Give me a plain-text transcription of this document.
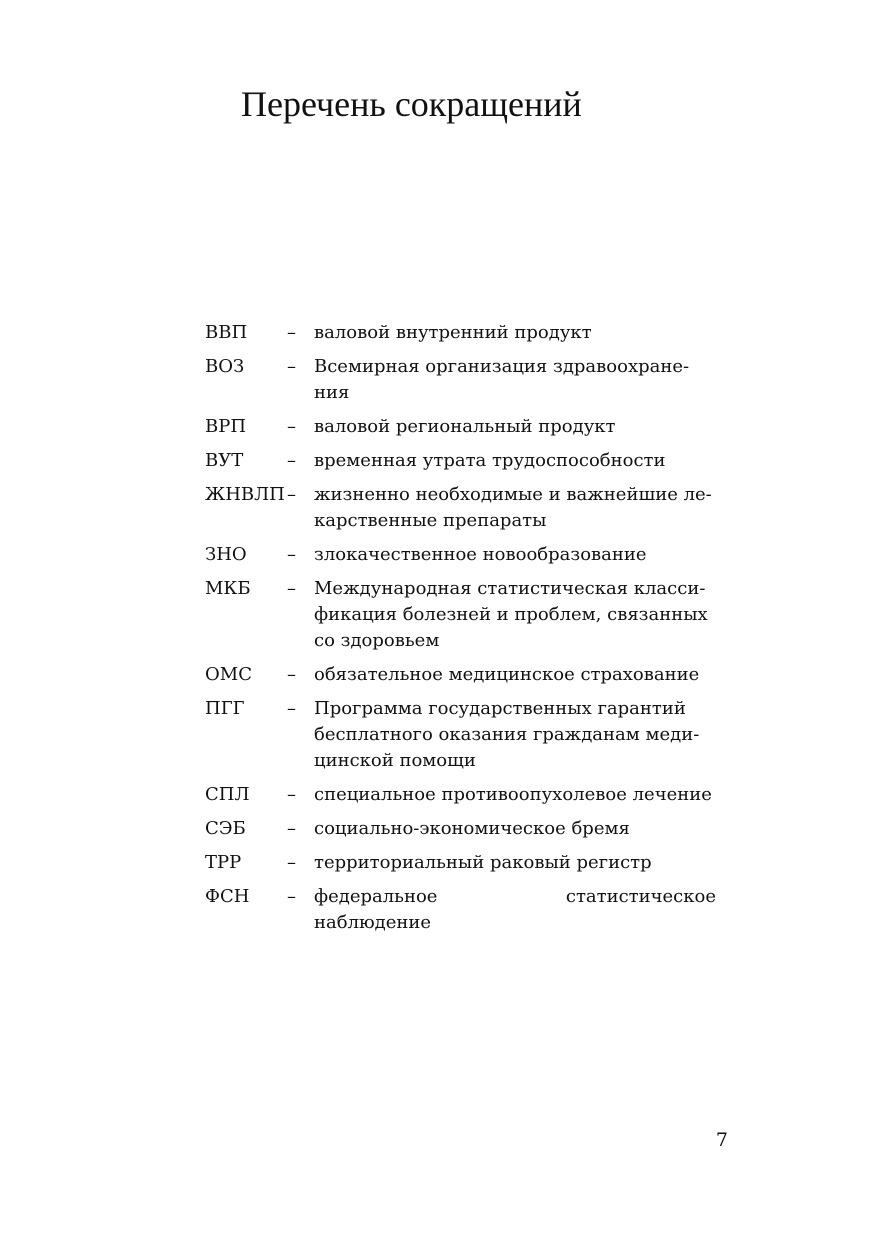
Перечень сокращений
ВВП – валовой внутренний продукт
ВОЗ – Всемирная организация здравоохране-
ния
ВРП – валовой региональный продукт
ВУТ – временная утрата трудоспособности
ЖНВЛП – жизненно необходимые и важнейшие ле-
карственные препараты
ЗНО – злокачественное новообразование
МКБ – Международная статистическая класси-
фикация болезней и проблем, связанных
со здоровьем
ОМС – обязательное медицинское страхование
ПГГ – Программа государственных гарантий
бесплатного оказания гражданам меди-
цинской помощи
СПЛ – специальное противоопухолевое лечение
СЭБ – социально-экономическое бремя
ТРР	– территориальный раковый регистр
ФСН – федеральное статистическое наблюдение
7
